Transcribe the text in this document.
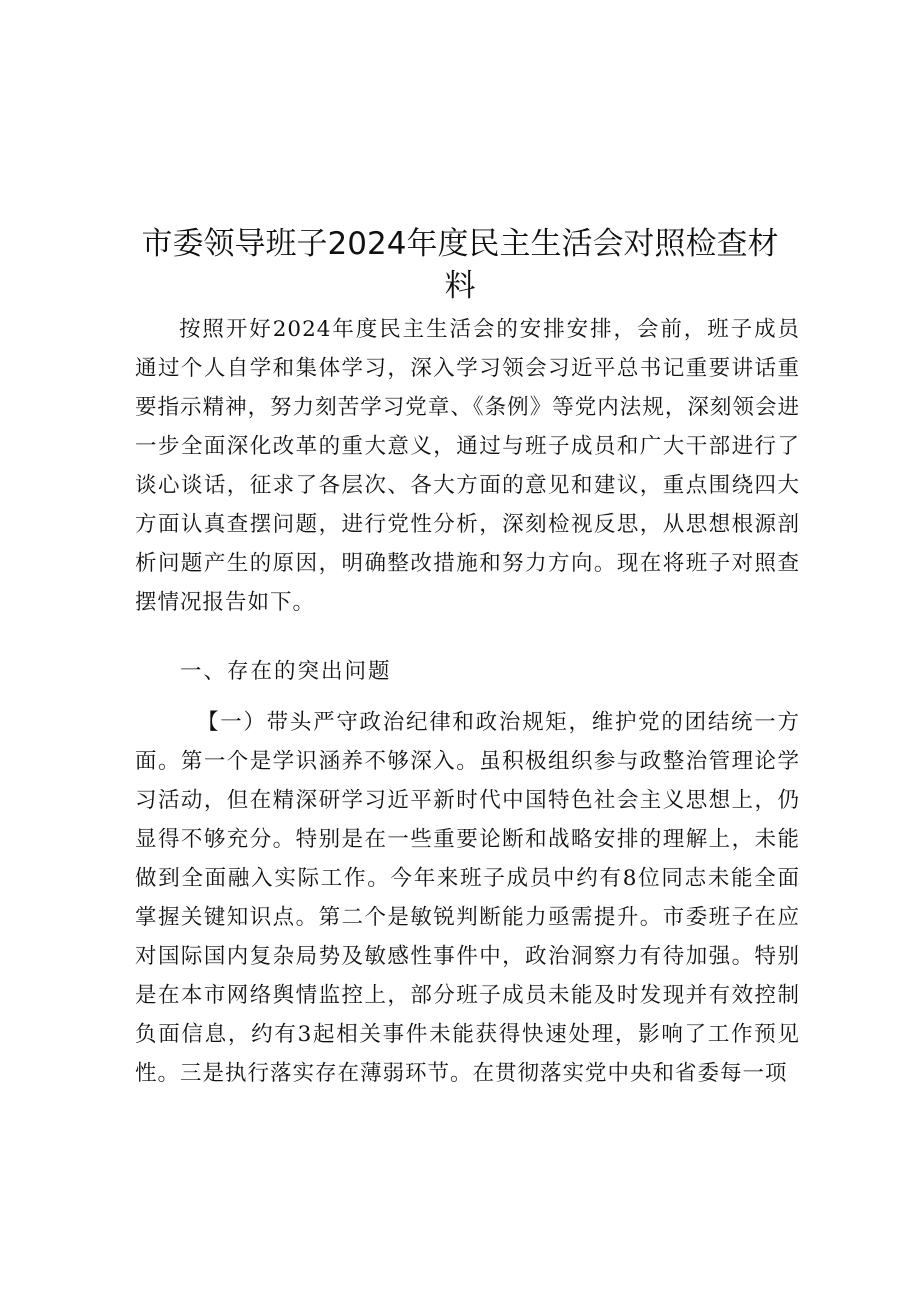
市委领导班子2024年度民主生活会对照检查材
料

按照开好2024年度民主生活会的安排安排，会前，班子成员通过个人自学和集体学习，深入学习领会习近平总书记重要讲话重要指示精神，努力刻苦学习党章、《条例》等党内法规，深刻领会进一步全面深化改革的重大意义，通过与班子成员和广大干部进行了谈心谈话，征求了各层次、各大方面的意见和建议，重点围绕四大方面认真查摆问题，进行党性分析，深刻检视反思，从思想根源剖析问题产生的原因，明确整改措施和努力方向。现在将班子对照查摆情况报告如下。

一、存在的突出问题

【一）带头严守政治纪律和政治规矩，维护党的团结统一方面。第一个是学识涵养不够深入。虽积极组织参与政整治管理论学习活动，但在精深研学习近平新时代中国特色社会主义思想上，仍显得不够充分。特别是在一些重要论断和战略安排的理解上，未能做到全面融入实际工作。今年来班子成员中约有8位同志未能全面掌握关键知识点。第二个是敏锐判断能力亟需提升。市委班子在应对国际国内复杂局势及敏感性事件中，政治洞察力有待加强。特别是在本市网络舆情监控上，部分班子成员未能及时发现并有效控制负面信息，约有3起相关事件未能获得快速处理，影响了工作预见性。三是执行落实存在薄弱环节。在贯彻落实党中央和省委每一项
